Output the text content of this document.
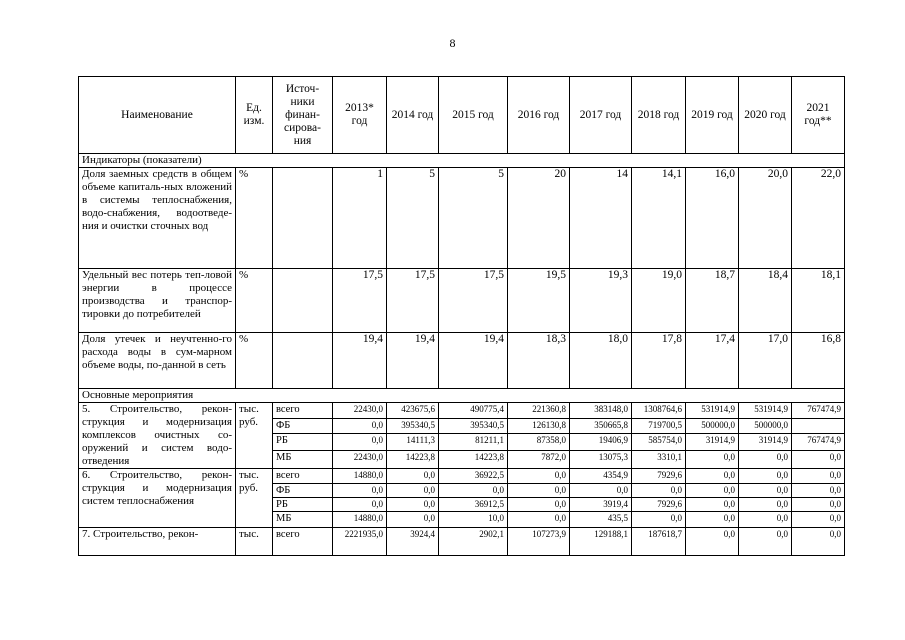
8
Наименование	Ед. изм.	Источ-ники финан-сирова-ния	2013* год	2014 год	2015 год	2016 год	2017 год	2018 год	2019 год	2020 год	2021 год**
Индикаторы (показатели)											
Доля заемных средств в общем объеме капиталь-ных вложений в системы теплоснабжения, водо-снабжения, водоотведе-ния и очистки сточных вод	%		1	5	5	20	14	14,1	16,0	20,0	22,0
Удельный вес потерь теп-ловой энергии в процессе производства и транспор-тировки до потребителей	%		17,5	17,5	17,5	19,5	19,3	19,0	18,7	18,4	18,1
Доля утечек и неучтенно-го расхода воды в сум-марном объеме воды, по-данной в сеть	%		19,4	19,4	19,4	18,3	18,0	17,8	17,4	17,0	16,8
Основные мероприятия											
5. Строительство, рекон-струкция и модернизация комплексов очистных со-оружений и систем водо-отведения	тыс. руб.	всего	22430,0	423675,6	490775,4	221360,8	383148,0	1308764,6	531914,9	531914,9	767474,9
		ФБ	0,0	395340,5	395340,5	126130,8	350665,8	719700,5	500000,0	500000,0	
		РБ	0,0	14111,3	81211,1	87358,0	19406,9	585754,0	31914,9	31914,9	767474,9
		МБ	22430,0	14223,8	14223,8	7872,0	13075,3	3310,1	0,0	0,0	0,0
6. Строительство, рекон-струкция и модернизация систем теплоснабжения	тыс. руб.	всего	14880,0	0,0	36922,5	0,0	4354,9	7929,6	0,0	0,0	0,0
		ФБ	0,0	0,0	0,0	0,0	0,0	0,0	0,0	0,0	0,0
		РБ	0,0	0,0	36912,5	0,0	3919,4	7929,6	0,0	0,0	0,0
		МБ	14880,0	0,0	10,0	0,0	435,5	0,0	0,0	0,0	0,0
7. Строительство, рекон-	тыс.	всего	2221935,0	3924,4	2902,1	107273,9	129188,1	187618,7	0,0	0,0	0,0
